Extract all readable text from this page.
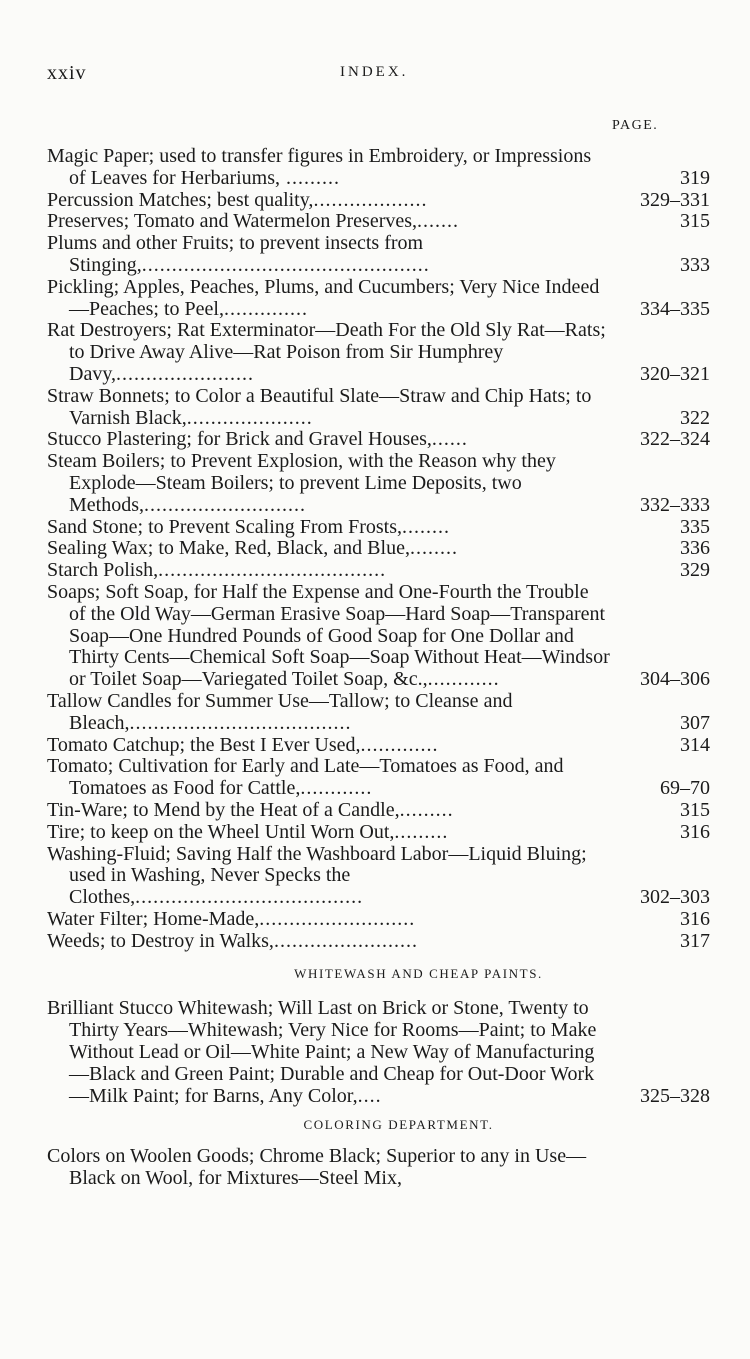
xxiv	INDEX.
PAGE.
Magic Paper; used to transfer figures in Embroidery, or Impressions of Leaves for Herbariums, .........	319
Percussion Matches; best quality,...................	329–331
Preserves; Tomato and Watermelon Preserves,.......	315
Plums and other Fruits; to prevent insects from Stinging,................................................	333
Pickling; Apples, Peaches, Plums, and Cucumbers; Very Nice Indeed—Peaches; to Peel,..............	334–335
Rat Destroyers; Rat Exterminator—Death For the Old Sly Rat—Rats; to Drive Away Alive—Rat Poison from Sir Humphrey Davy,.......................	320–321
Straw Bonnets; to Color a Beautiful Slate—Straw and Chip Hats; to Varnish Black,.....................	322
Stucco Plastering; for Brick and Gravel Houses,......	322–324
Steam Boilers; to Prevent Explosion, with the Reason why they Explode—Steam Boilers; to prevent Lime Deposits, two Methods,...........................	332–333
Sand Stone; to Prevent Scaling From Frosts,........	335
Sealing Wax; to Make, Red, Black, and Blue,........	336
Starch Polish,......................................	329
Soaps; Soft Soap, for Half the Expense and One-Fourth the Trouble of the Old Way—German Erasive Soap—Hard Soap—Transparent Soap—One Hundred Pounds of Good Soap for One Dollar and Thirty Cents—Chemical Soft Soap—Soap Without Heat—Windsor or Toilet Soap—Variegated Toilet Soap, &c.,............	304–306
Tallow Candles for Summer Use—Tallow; to Cleanse and Bleach,.....................................	307
Tomato Catchup; the Best I Ever Used,.............	314
Tomato; Cultivation for Early and Late—Tomatoes as Food, and Tomatoes as Food for Cattle,............	69–70
Tin-Ware; to Mend by the Heat of a Candle,.........	315
Tire; to keep on the Wheel Until Worn Out,.........	316
Washing-Fluid; Saving Half the Washboard Labor—Liquid Bluing; used in Washing, Never Specks the Clothes,......................................	302–303
Water Filter; Home-Made,..........................	316
Weeds; to Destroy in Walks,........................	317
WHITEWASH AND CHEAP PAINTS.
Brilliant Stucco Whitewash; Will Last on Brick or Stone, Twenty to Thirty Years—Whitewash; Very Nice for Rooms—Paint; to Make Without Lead or Oil—White Paint; a New Way of Manufacturing—Black and Green Paint; Durable and Cheap for Out-Door Work—Milk Paint; for Barns, Any Color,....	325–328
COLORING DEPARTMENT.
Colors on Woolen Goods; Chrome Black; Superior to any in Use—Black on Wool, for Mixtures—Steel Mix,
